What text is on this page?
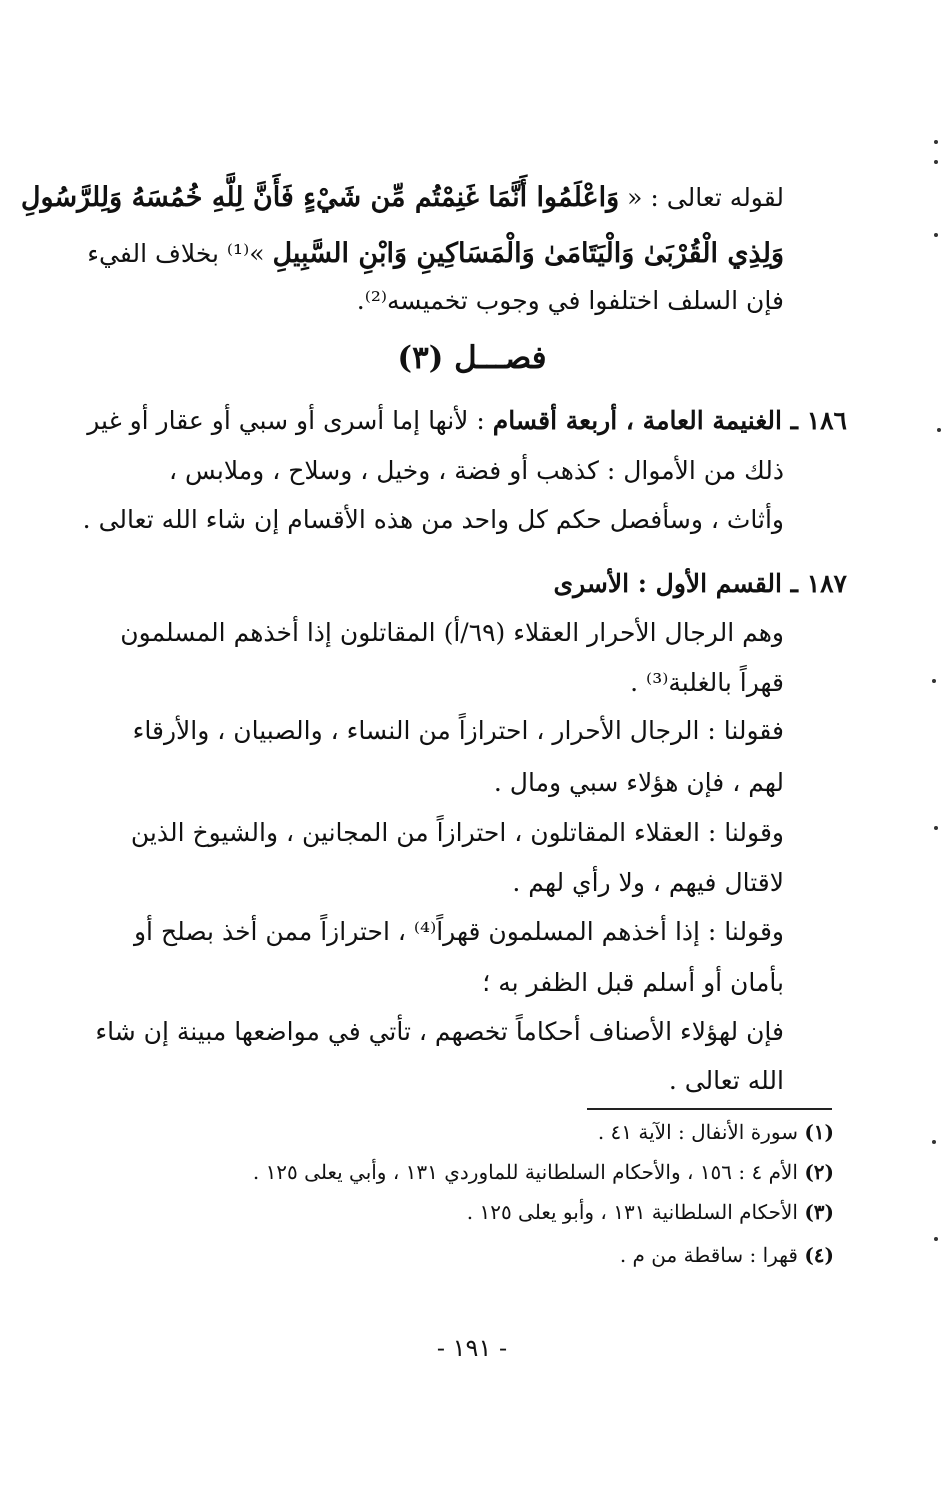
لقوله تعالى : « وَاعْلَمُوا أَنَّمَا غَنِمْتُم مِّن شَيْءٍ فَأَنَّ لِلَّهِ خُمُسَهُ وَلِلرَّسُولِ
وَلِذِي الْقُرْبَىٰ وَالْيَتَامَىٰ وَالْمَسَاكِينِ وَابْنِ السَّبِيلِ »⁽¹⁾ بخلاف الفيء
فإن السلف اختلفوا في وجوب تخميسه⁽²⁾.
فصـــل (٣)
١٨٦ ـ الغنيمة العامة ، أربعة أقسام : لأنها إما أسرى أو سبي أو عقار أو غير
ذلك من الأموال : كذهب أو فضة ، وخيل ، وسلاح ، وملابس ،
وأثاث ، وسأفصل حكم كل واحد من هذه الأقسام إن شاء الله تعالى .
١٨٧ ـ القسم الأول : الأسرى
وهم الرجال الأحرار العقلاء (٦٩/أ) المقاتلون إذا أخذهم المسلمون
قهراً بالغلبة⁽³⁾ .
فقولنا : الرجال الأحرار ، احترازاً من النساء ، والصبيان ، والأرقاء
لهم ، فإن هؤلاء سبي ومال .
وقولنا : العقلاء المقاتلون ، احترازاً من المجانين ، والشيوخ الذين
لاقتال فيهم ، ولا رأي لهم .
وقولنا : إذا أخذهم المسلمون قهراً⁽⁴⁾ ، احترازاً ممن أخذ بصلح أو
بأمان أو أسلم قبل الظفر به ؛
فإن لهؤلاء الأصناف أحكاماً تخصهم ، تأتي في مواضعها مبينة إن شاء
الله تعالى .
(١) سورة الأنفال : الآية ٤١ .
(٢) الأم ٤ : ١٥٦ ، والأحكام السلطانية للماوردي ١٣١ ، وأبي يعلى ١٢٥ .
(٣) الأحكام السلطانية ١٣١ ، وأبو يعلى ١٢٥ .
(٤) قهرا : ساقطة من م .
- ١٩١ -
